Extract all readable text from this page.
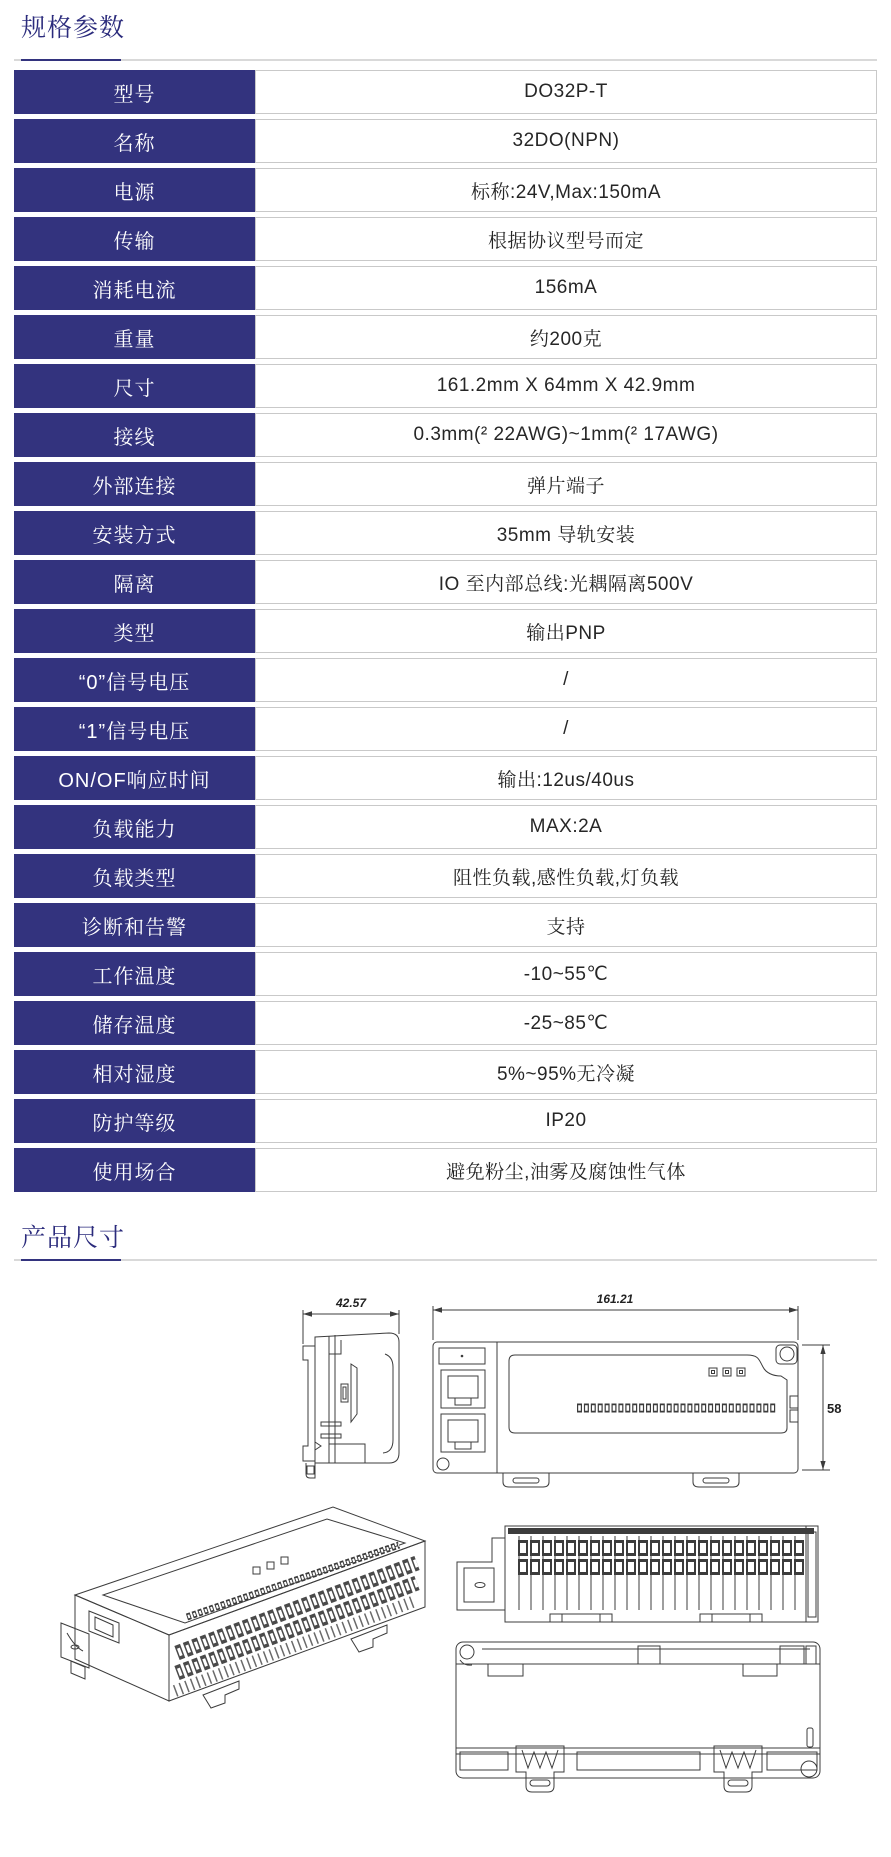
规格参数
型号	DO32P-T
名称	32DO(NPN)
电源	标称:24V,Max:150mA
传输	根据协议型号而定
消耗电流	156mA
重量	约200克
尺寸	161.2mm X 64mm X 42.9mm
接线	0.3mm(² 22AWG)~1mm(² 17AWG)
外部连接	弹片端子
安装方式	35mm 导轨安装
隔离	IO 至内部总线:光耦隔离500V
类型	输出PNP
“0”信号电压	/
“1”信号电压	/
ON/OF响应时间	输出:12us/40us
负载能力	MAX:2A
负载类型	阻性负载,感性负载,灯负载
诊断和告警	支持
工作温度	-10~55℃
储存温度	-25~85℃
相对湿度	5%~95%无冷凝
防护等级	IP20
使用场合	避免粉尘,油雾及腐蚀性气体
产品尺寸
42.57	161.21
58
